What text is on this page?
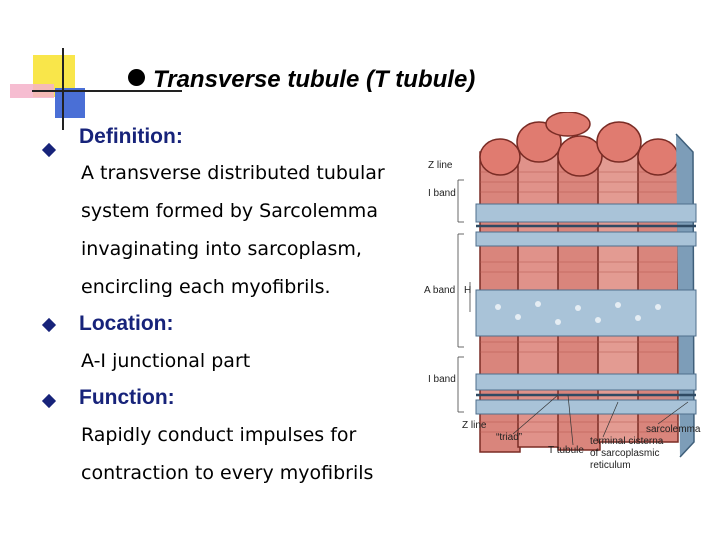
Transverse tubule (T tubule)
Definition:
A transverse distributed tubular
system formed by Sarcolemma
invaginating into sarcoplasm,
encircling each myofibrils.
Location:
A-I junctional part
Function:
Rapidly conduct impulses for
contraction to every myofibrils
Z line
I band
A band H
I band
Z line
“triad”
T tubule
sarcolemma
terminal cisterna
of sarcoplasmic
reticulum
